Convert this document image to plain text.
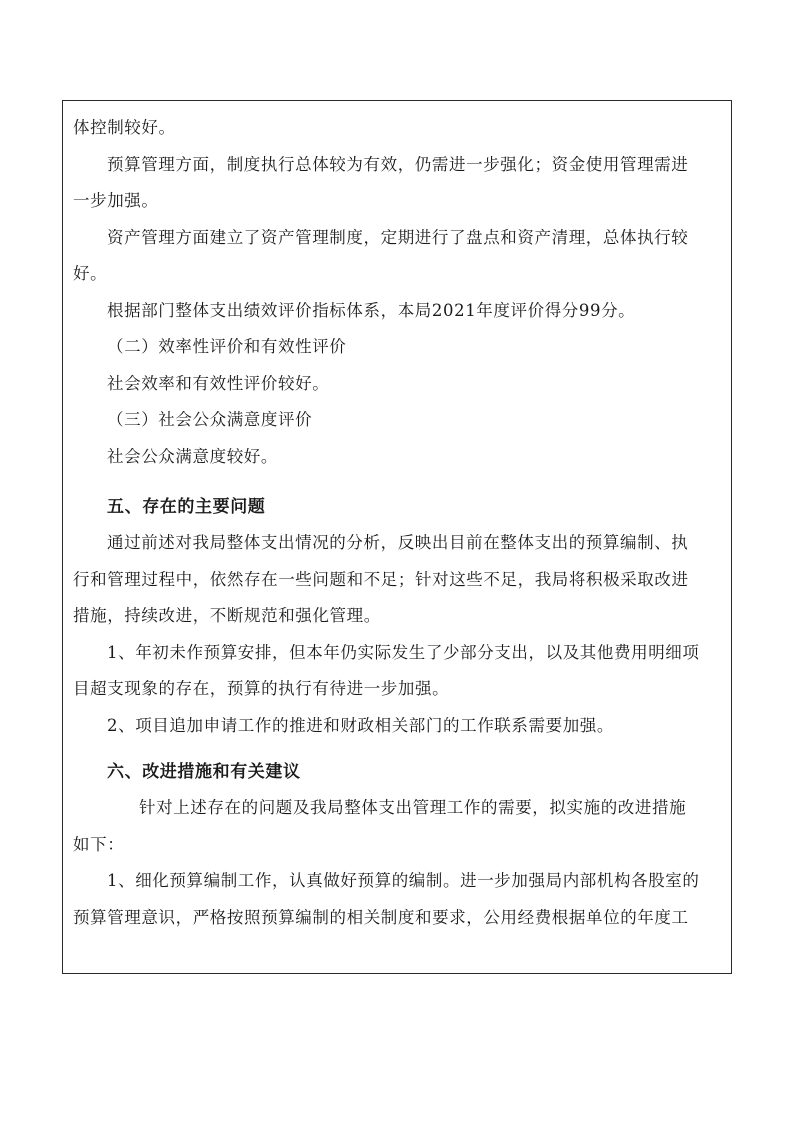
体控制较好。

预算管理方面，制度执行总体较为有效，仍需进一步强化；资金使用管理需进

一步加强。

资产管理方面建立了资产管理制度，定期进行了盘点和资产清理，总体执行较

好。

根据部门整体支出绩效评价指标体系，本局2021年度评价得分99分。

（二）效率性评价和有效性评价

社会效率和有效性评价较好。

（三）社会公众满意度评价

社会公众满意度较好。

五、存在的主要问题

通过前述对我局整体支出情况的分析，反映出目前在整体支出的预算编制、执

行和管理过程中，依然存在一些问题和不足；针对这些不足，我局将积极采取改进

措施，持续改进，不断规范和强化管理。

1、年初未作预算安排，但本年仍实际发生了少部分支出，以及其他费用明细项

目超支现象的存在，预算的执行有待进一步加强。

2、项目追加申请工作的推进和财政相关部门的工作联系需要加强。

六、改进措施和有关建议

针对上述存在的问题及我局整体支出管理工作的需要，拟实施的改进措施

如下：

1、细化预算编制工作，认真做好预算的编制。进一步加强局内部机构各股室的

预算管理意识，严格按照预算编制的相关制度和要求，公用经费根据单位的年度工
